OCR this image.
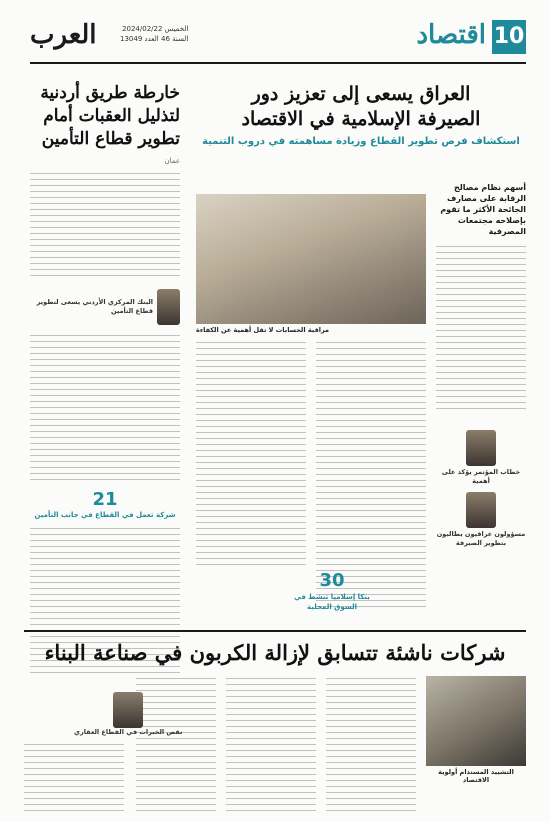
10
اقتصاد
العرب	الخميس 2024/02/22
السنة 46 العدد 13049
خارطة طريق أردنية لتذليل العقبات أمام تطوير قطاع التأمين
عمان
البنك المركزي الأردني يسعى لتطوير قطاع التأمين
21
شركة تعمل في القطاع في جانب التأمين
العراق يسعى إلى تعزيز دور
الصيرفة الإسلامية في الاقتصاد
استكشاف فرص تطوير القطاع وزيادة مساهمته في دروب التنمية
أسهم نظام مصالح الرقابة على مصارف الجائحة الأكثر ما تقوم بإصلاحه مجتمعات المصرفية
مراقبة الحسابات لا تقل أهمية عن الكفاءة
خطاب المؤتمر يؤكد على أهمية
مسؤولون عراقيون يطالبون بتطوير الصيرفة
30
بنكا إسلاميا تنشط في السوق المحلية
شركات ناشئة تتسابق لإزالة الكربون في صناعة البناء
التشييد المستدام أولوية الاقتصاد
نقص الخبرات في القطاع العقاري
